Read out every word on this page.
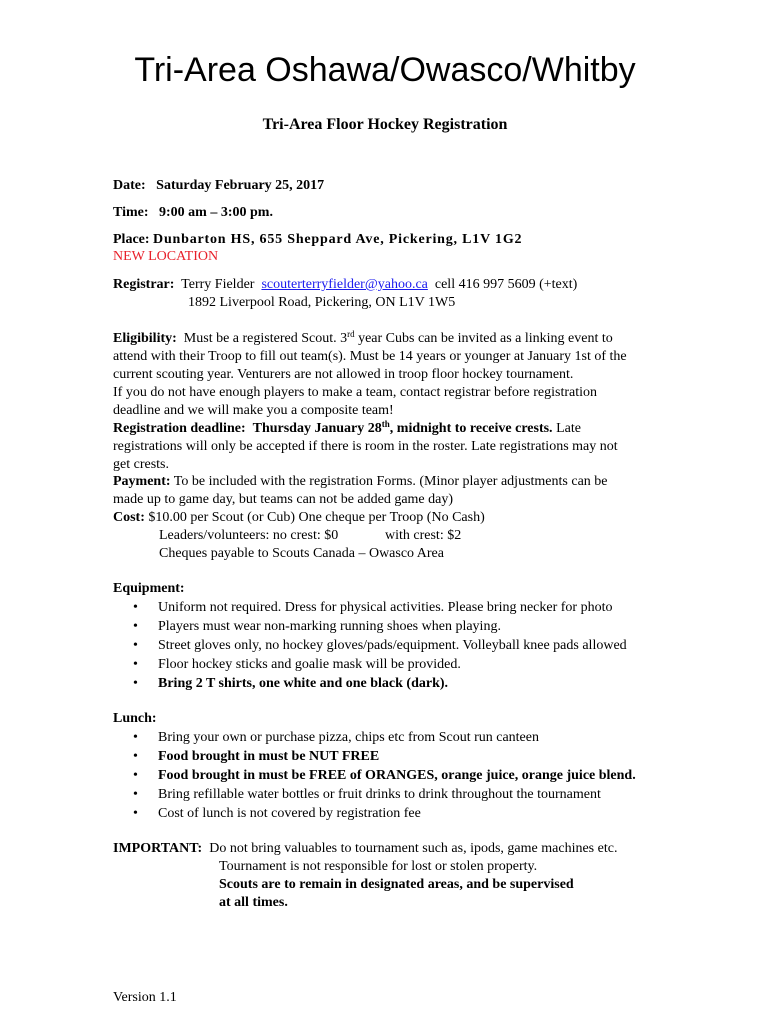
Tri-Area Oshawa/Owasco/Whitby
Tri-Area Floor Hockey Registration
Date: Saturday February 25, 2017
Time: 9:00 am – 3:00 pm.
Place: Dunbarton HS, 655 Sheppard Ave, Pickering, L1V 1G2
NEW LOCATION
Registrar: Terry Fielder scouterterryfielder@yahoo.ca cell 416 997 5609 (+text)
1892 Liverpool Road, Pickering, ON L1V 1W5
Eligibility: Must be a registered Scout. 3rd year Cubs can be invited as a linking event to
attend with their Troop to fill out team(s). Must be 14 years or younger at January 1st of the
current scouting year. Venturers are not allowed in troop floor hockey tournament.
If you do not have enough players to make a team, contact registrar before registration
deadline and we will make you a composite team!
Registration deadline: Thursday January 28th, midnight to receive crests. Late
registrations will only be accepted if there is room in the roster. Late registrations may not
get crests.
Payment: To be included with the registration Forms. (Minor player adjustments can be
made up to game day, but teams can not be added game day)
Cost: $10.00 per Scout (or Cub) One cheque per Troop (No Cash)
Leaders/volunteers: no crest: $0	with crest: $2
Cheques payable to Scouts Canada – Owasco Area
Equipment:
• Uniform not required. Dress for physical activities. Please bring necker for photo
• Players must wear non-marking running shoes when playing.
• Street gloves only, no hockey gloves/pads/equipment. Volleyball knee pads allowed
• Floor hockey sticks and goalie mask will be provided.
• Bring 2 T shirts, one white and one black (dark).
Lunch:
• Bring your own or purchase pizza, chips etc from Scout run canteen
• Food brought in must be NUT FREE
• Food brought in must be FREE of ORANGES, orange juice, orange juice blend.
• Bring refillable water bottles or fruit drinks to drink throughout the tournament
• Cost of lunch is not covered by registration fee
IMPORTANT: Do not bring valuables to tournament such as, ipods, game machines etc.
Tournament is not responsible for lost or stolen property.
Scouts are to remain in designated areas, and be supervised
at all times.
Version 1.1
